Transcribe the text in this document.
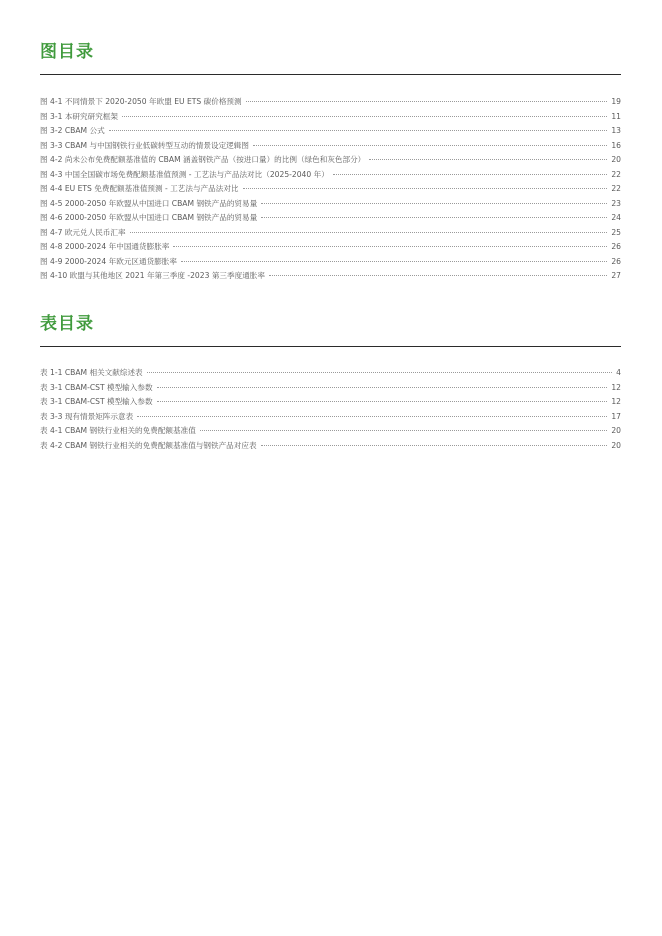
图目录
图 4-1 不同情景下 2020-2050 年欧盟 EU ETS 碳价格预测	19
图 3-1 本研究研究框架	11
图 3-2 CBAM 公式	13
图 3-3 CBAM 与中国钢铁行业低碳转型互动的情景设定逻辑图	16
图 4-2 尚未公布免费配额基准值的 CBAM 涵盖钢铁产品（按进口量）的比例（绿色和灰色部分）	20
图 4-3 中国全国碳市场免费配额基准值预测 - 工艺法与产品法对比（2025-2040 年）	22
图 4-4 EU ETS 免费配额基准值预测 - 工艺法与产品法对比	22
图 4-5 2000-2050 年欧盟从中国进口 CBAM 钢铁产品的贸易量	23
图 4-6 2000-2050 年欧盟从中国进口 CBAM 钢铁产品的贸易量	24
图 4-7 欧元兑人民币汇率	25
图 4-8 2000-2024 年中国通货膨胀率	26
图 4-9 2000-2024 年欧元区通货膨胀率	26
图 4-10 欧盟与其他地区 2021 年第三季度 -2023 第三季度通胀率	27
表目录
表 1-1 CBAM 相关文献综述表	4
表 3-1 CBAM-CST 模型输入参数	12
表 3-1 CBAM-CST 模型输入参数	12
表 3-3 现有情景矩阵示意表	17
表 4-1 CBAM 钢铁行业相关的免费配额基准值	20
表 4-2 CBAM 钢铁行业相关的免费配额基准值与钢铁产品对应表	20
